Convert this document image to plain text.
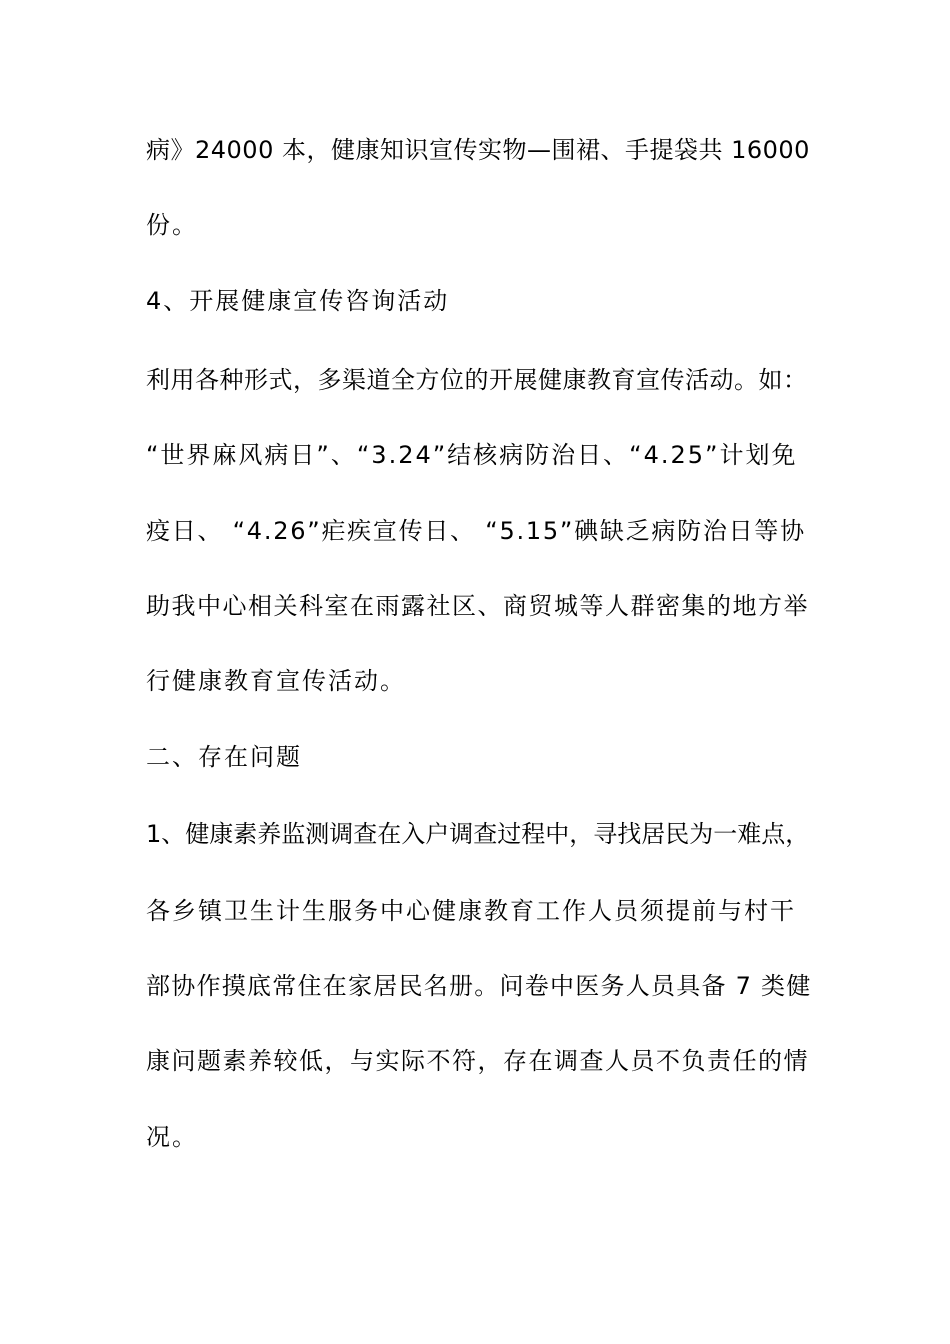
病》24000 本，健康知识宣传实物—围裙、手提袋共 16000
份。
4、开展健康宣传咨询活动
利用各种形式，多渠道全方位的开展健康教育宣传活动。如：
“世界麻风病日”、“3.24”结核病防治日、“4.25”计划免
疫日、 “4.26”疟疾宣传日、 “5.15”碘缺乏病防治日等协
助我中心相关科室在雨露社区、商贸城等人群密集的地方举
行健康教育宣传活动。
二、存在问题
1、健康素养监测调查在入户调查过程中，寻找居民为一难点，
各乡镇卫生计生服务中心健康教育工作人员须提前与村干
部协作摸底常住在家居民名册。问卷中医务人员具备 7 类健
康问题素养较低，与实际不符，存在调查人员不负责任的情
况。
